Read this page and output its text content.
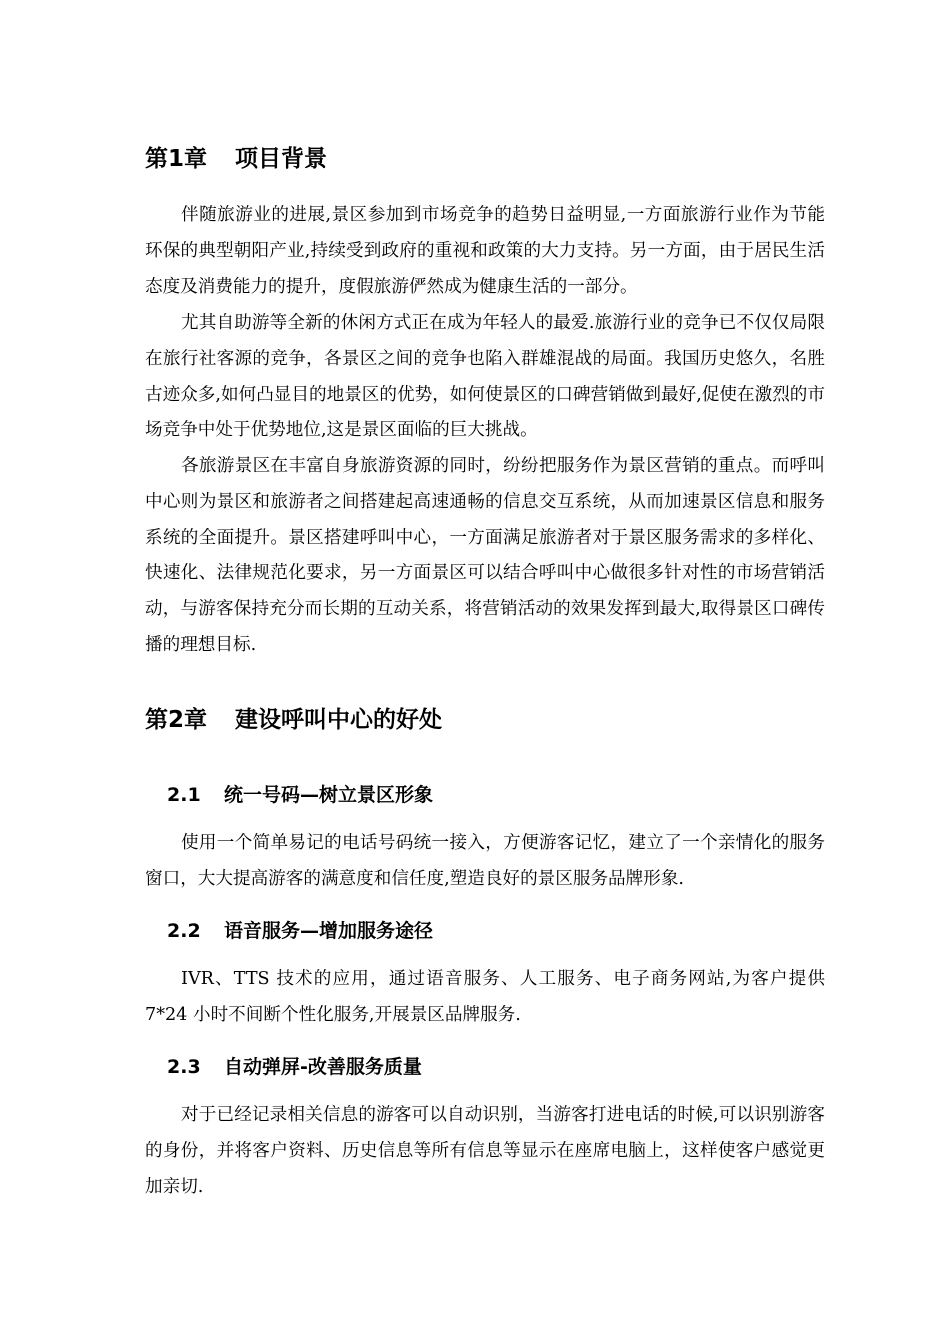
第1章 项目背景

伴随旅游业的进展,景区参加到市场竞争的趋势日益明显,一方面旅游行业作为节能环保的典型朝阳产业,持续受到政府的重视和政策的大力支持。另一方面，由于居民生活态度及消费能力的提升，度假旅游俨然成为健康生活的一部分。

尤其自助游等全新的休闲方式正在成为年轻人的最爱.旅游行业的竞争已不仅仅局限在旅行社客源的竞争，各景区之间的竞争也陷入群雄混战的局面。我国历史悠久，名胜古迹众多,如何凸显目的地景区的优势，如何使景区的口碑营销做到最好,促使在激烈的市场竞争中处于优势地位,这是景区面临的巨大挑战。

各旅游景区在丰富自身旅游资源的同时，纷纷把服务作为景区营销的重点。而呼叫中心则为景区和旅游者之间搭建起高速通畅的信息交互系统，从而加速景区信息和服务系统的全面提升。景区搭建呼叫中心，一方面满足旅游者对于景区服务需求的多样化、快速化、法律规范化要求，另一方面景区可以结合呼叫中心做很多针对性的市场营销活动，与游客保持充分而长期的互动关系，将营销活动的效果发挥到最大,取得景区口碑传播的理想目标.

第2章 建设呼叫中心的好处
2.1 统一号码—树立景区形象

使用一个简单易记的电话号码统一接入，方便游客记忆，建立了一个亲情化的服务窗口，大大提高游客的满意度和信任度,塑造良好的景区服务品牌形象.

2.2 语音服务—增加服务途径

IVR、TTS 技术的应用，通过语音服务、人工服务、电子商务网站,为客户提供 7*24 小时不间断个性化服务,开展景区品牌服务.

2.3 自动弹屏-改善服务质量

对于已经记录相关信息的游客可以自动识别，当游客打进电话的时候,可以识别游客的身份，并将客户资料、历史信息等所有信息等显示在座席电脑上，这样使客户感觉更加亲切.
